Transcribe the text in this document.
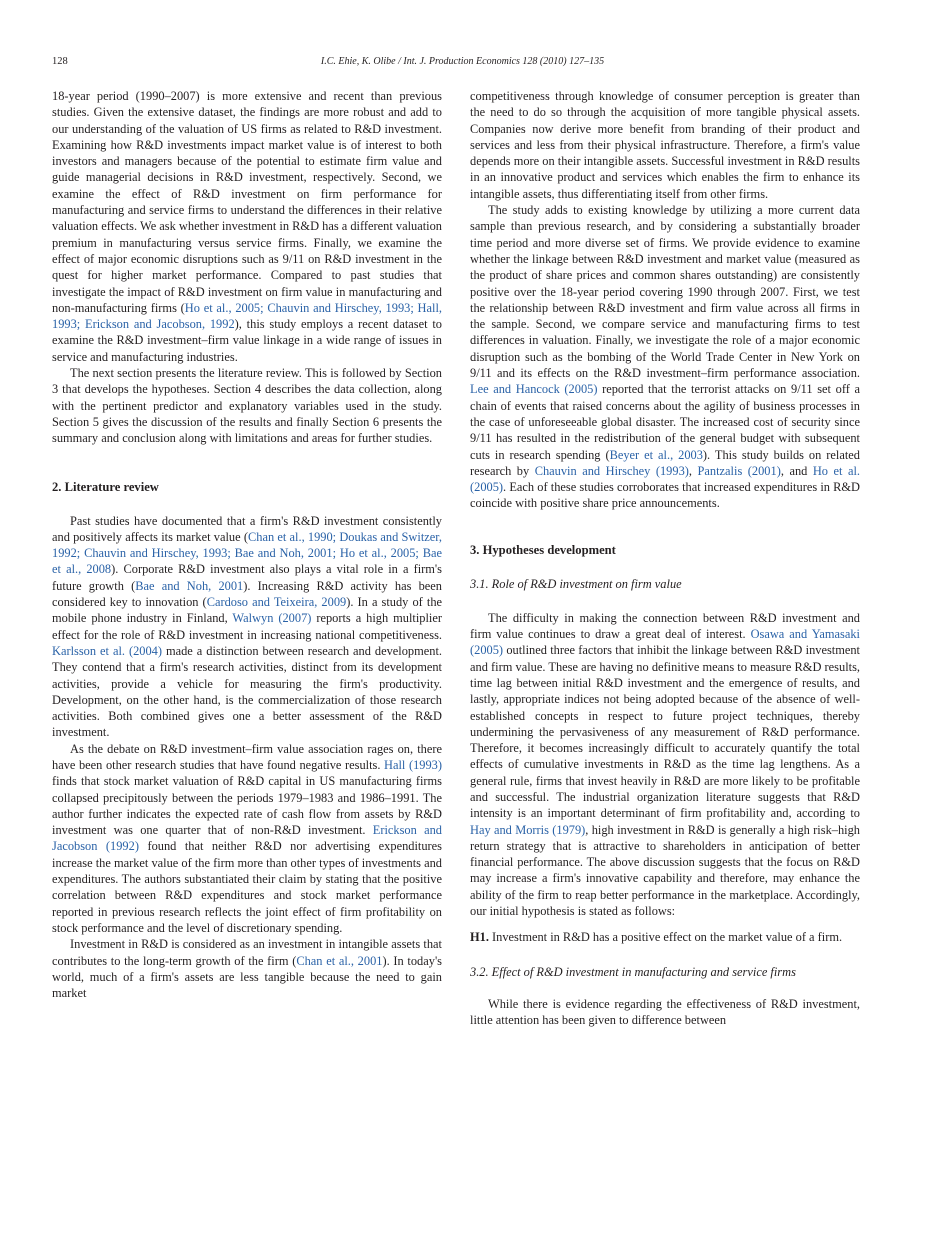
128	I.C. Ehie, K. Olibe / Int. J. Production Economics 128 (2010) 127–135

18-year period (1990–2007) is more extensive and recent than previous studies. Given the extensive dataset, the findings are more robust and add to our understanding of the valuation of US firms as related to R&D investment. Examining how R&D investments impact market value is of interest to both investors and managers because of the potential to estimate firm value and guide managerial decisions in R&D investment, respectively. Second, we examine the effect of R&D investment on firm performance for manufacturing and service firms to understand the differences in their relative valuation effects. We ask whether investment in R&D has a different valuation premium in manufacturing versus service firms. Finally, we examine the effect of major economic disruptions such as 9/11 on R&D investment in the quest for higher market performance. Compared to past studies that investigate the impact of R&D investment on firm value in manufacturing and non-manufacturing firms (Ho et al., 2005; Chauvin and Hirschey, 1993; Hall, 1993; Erickson and Jacobson, 1992), this study employs a recent dataset to examine the R&D investment–firm value linkage in a wide range of issues in service and manufacturing industries.

The next section presents the literature review. This is followed by Section 3 that develops the hypotheses. Section 4 describes the data collection, along with the pertinent predictor and explanatory variables used in the study. Section 5 gives the discussion of the results and finally Section 6 presents the summary and conclusion along with limitations and areas for further studies.

2. Literature review

Past studies have documented that a firm's R&D investment consistently and positively affects its market value (Chan et al., 1990; Doukas and Switzer, 1992; Chauvin and Hirschey, 1993; Bae and Noh, 2001; Ho et al., 2005; Bae et al., 2008). Corporate R&D investment also plays a vital role in a firm's future growth (Bae and Noh, 2001). Increasing R&D activity has been considered key to innovation (Cardoso and Teixeira, 2009). In a study of the mobile phone industry in Finland, Walwyn (2007) reports a high multiplier effect for the role of R&D investment in increasing national competitiveness. Karlsson et al. (2004) made a distinction between research and development. They contend that a firm's research activities, distinct from its development activities, provide a vehicle for measuring the firm's productivity. Development, on the other hand, is the commercialization of those research activities. Both combined gives one a better assessment of the R&D investment.

As the debate on R&D investment–firm value association rages on, there have been other research studies that have found negative results. Hall (1993) finds that stock market valuation of R&D capital in US manufacturing firms collapsed precipitously between the periods 1979–1983 and 1986–1991. The author further indicates the expected rate of cash flow from assets by R&D investment was one quarter that of non-R&D investment. Erickson and Jacobson (1992) found that neither R&D nor advertising expenditures increase the market value of the firm more than other types of investments and expenditures. The authors substantiated their claim by stating that the positive correlation between R&D expenditures and stock market performance reported in previous research reflects the joint effect of firm profitability on stock performance and the level of discretionary spending.

Investment in R&D is considered as an investment in intangible assets that contributes to the long-term growth of the firm (Chan et al., 2001). In today's world, much of a firm's assets are less tangible because the need to gain market

competitiveness through knowledge of consumer perception is greater than the need to do so through the acquisition of more tangible physical assets. Companies now derive more benefit from branding of their product and services and less from their physical infrastructure. Therefore, a firm's value depends more on their intangible assets. Successful investment in R&D results in an innovative product and services which enables the firm to enhance its intangible assets, thus differentiating itself from other firms.

The study adds to existing knowledge by utilizing a more current data sample than previous research, and by considering a substantially broader time period and more diverse set of firms. We provide evidence to examine whether the linkage between R&D investment and market value (measured as the product of share prices and common shares outstanding) are consistently positive over the 18-year period covering 1990 through 2007. First, we test the relationship between R&D investment and firm value across all firms in the sample. Second, we compare service and manufacturing firms to test differences in valuation. Finally, we investigate the role of a major economic disruption such as the bombing of the World Trade Center in New York on 9/11 and its effects on the R&D investment–firm performance association. Lee and Hancock (2005) reported that the terrorist attacks on 9/11 set off a chain of events that raised concerns about the agility of business processes in the case of unforeseeable global disaster. The increased cost of security since 9/11 has resulted in the redistribution of the general budget with subsequent cuts in research spending (Beyer et al., 2003). This study builds on related research by Chauvin and Hirschey (1993), Pantzalis (2001), and Ho et al. (2005). Each of these studies corroborates that increased expenditures in R&D coincide with positive share price announcements.

3. Hypotheses development
3.1. Role of R&D investment on firm value

The difficulty in making the connection between R&D investment and firm value continues to draw a great deal of interest. Osawa and Yamasaki (2005) outlined three factors that inhibit the linkage between R&D investment and firm value. These are having no definitive means to measure R&D results, time lag between initial R&D investment and the emergence of results, and lastly, appropriate indices not being adopted because of the absence of well-established concepts in respect to future project techniques, thereby undermining the pervasiveness of any measurement of R&D performance. Therefore, it becomes increasingly difficult to accurately quantify the total effects of cumulative investments in R&D as the time lag lengthens. As a general rule, firms that invest heavily in R&D are more likely to be profitable and successful. The industrial organization literature suggests that R&D intensity is an important determinant of firm profitability and, according to Hay and Morris (1979), high investment in R&D is generally a high risk–high return strategy that is attractive to shareholders in anticipation of better financial performance. The above discussion suggests that the focus on R&D may increase a firm's innovative capability and therefore, may enhance the ability of the firm to reap better performance in the marketplace. Accordingly, our initial hypothesis is stated as follows:

H1. Investment in R&D has a positive effect on the market value of a firm.

3.2. Effect of R&D investment in manufacturing and service firms

While there is evidence regarding the effectiveness of R&D investment, little attention has been given to difference between
